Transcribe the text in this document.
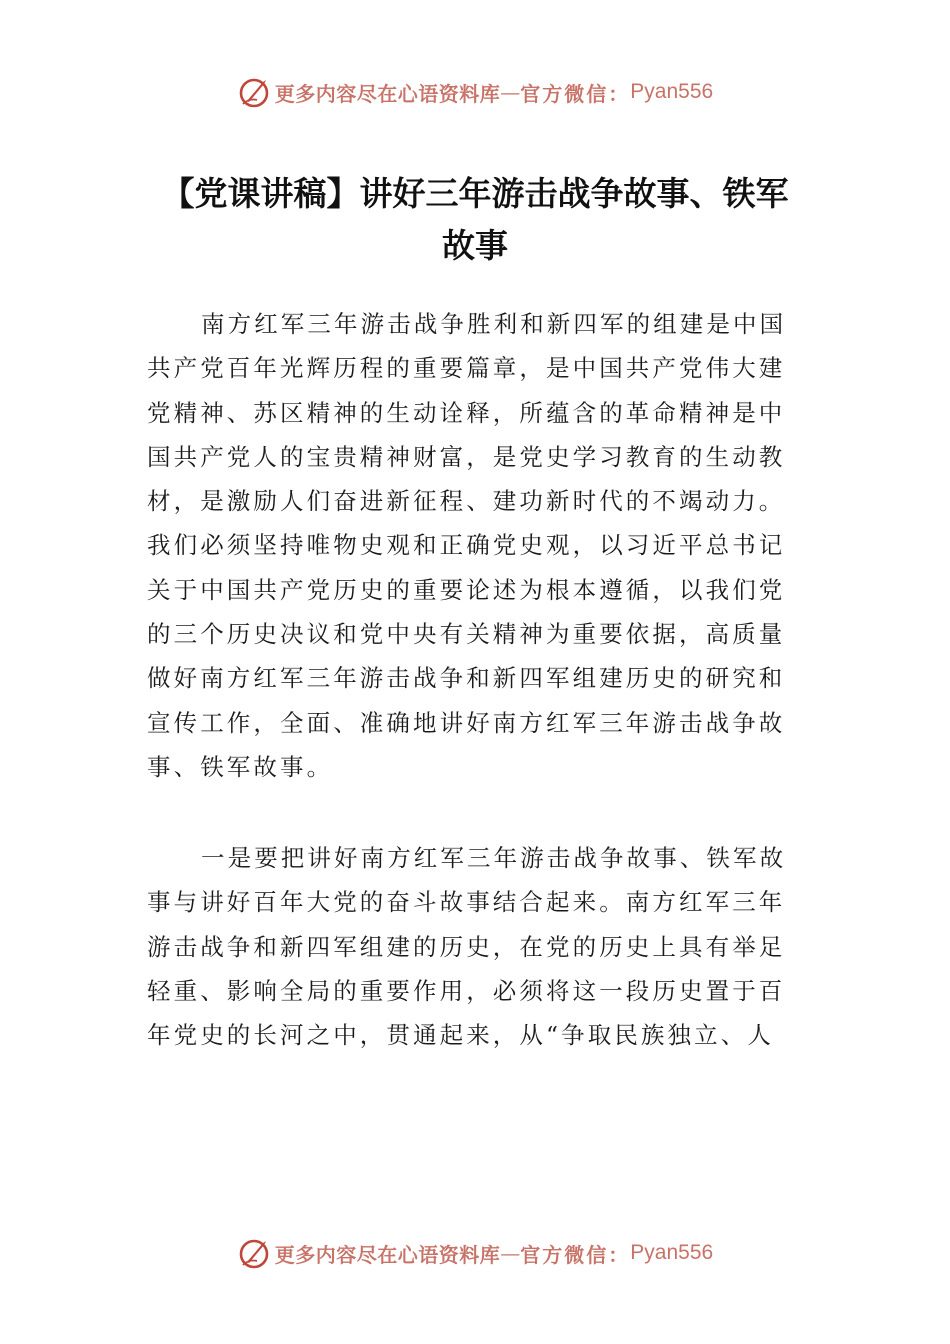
更多内容尽在心语资料库 — 官方微信： Pyan556
【党课讲稿】讲好三年游击战争故事、铁军
故事
南方红军三年游击战争胜利和新四军的组建是中国
共产党百年光辉历程的重要篇章，是中国共产党伟大建
党精神、苏区精神的生动诠释，所蕴含的革命精神是中
国共产党人的宝贵精神财富，是党史学习教育的生动教
材，是激励人们奋进新征程、建功新时代的不竭动力。
我们必须坚持唯物史观和正确党史观，以习近平总书记
关于中国共产党历史的重要论述为根本遵循，以我们党
的三个历史决议和党中央有关精神为重要依据，高质量
做好南方红军三年游击战争和新四军组建历史的研究和
宣传工作，全面、准确地讲好南方红军三年游击战争故
事、铁军故事。
一是要把讲好南方红军三年游击战争故事、铁军故
事与讲好百年大党的奋斗故事结合起来。南方红军三年
游击战争和新四军组建的历史，在党的历史上具有举足
轻重、影响全局的重要作用，必须将这一段历史置于百
年党史的长河之中，贯通起来，从“争取民族独立、人
更多内容尽在心语资料库 — 官方微信： Pyan556
